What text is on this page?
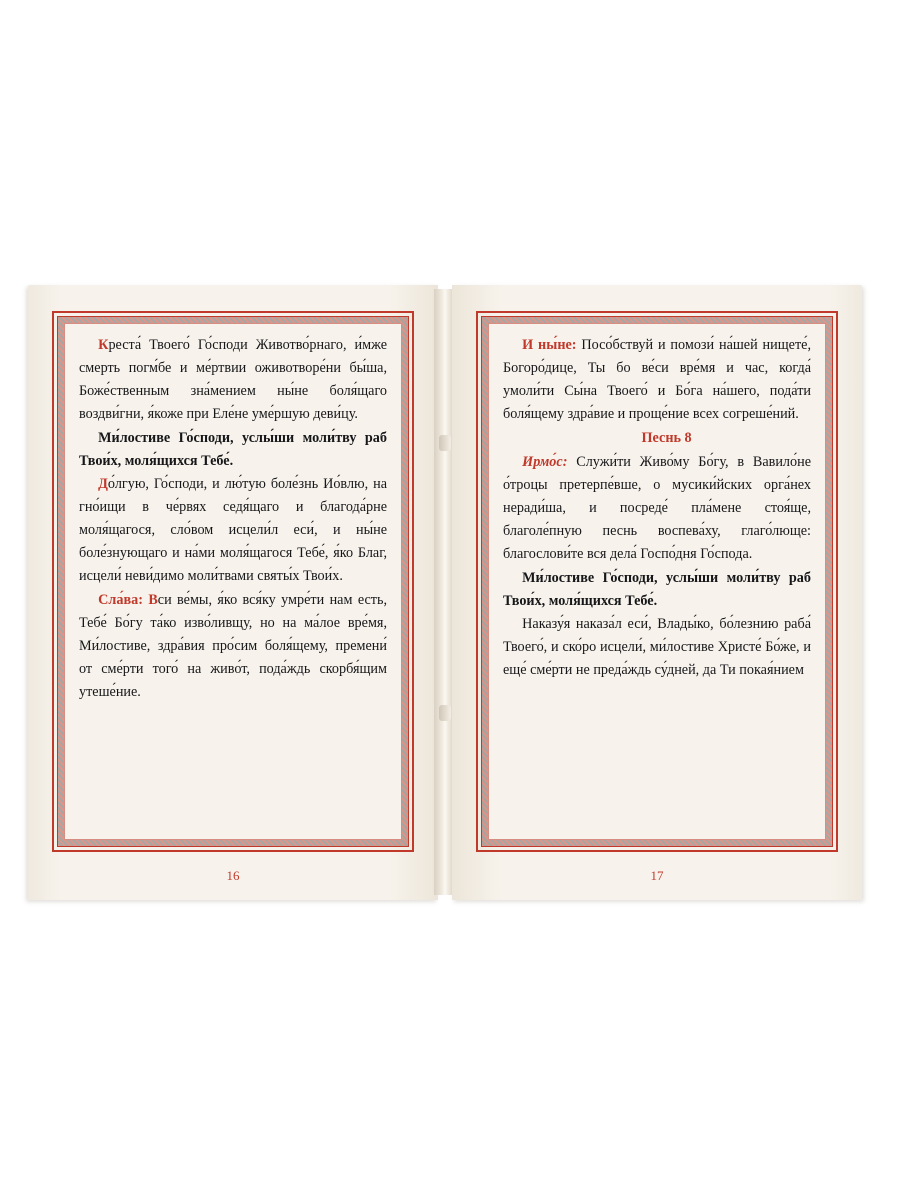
Креста́ Твоего́ Го́споди Животво́рнаго, и́мже смерть погм́бе и ме́ртвии оживотворе́ни бы́ша, Боже́ственным зна́мением ны́не боля́щаго воздви́гни, я́коже при Еле́не уме́ршую деви́цу.

Ми́лостиве Го́споди, услы́ши моли́тву раб Твои́х, моля́щихся Тебе́.

До́лгую, Го́споди, и лю́тую боле́знь Ио́влю, на гно́ищи в че́рвях седя́щаго и благода́рне моля́щагося, сло́вом исцели́л еси́, и ны́не боле́знующаго и на́ми моля́щагося Тебе́, я́ко Благ, исцели́ неви́димо моли́твами святы́х Твои́х.

Сла́ва: Вси ве́мы, я́ко вся́ку умре́ти нам есть, Тебе́ Бо́гу та́ко изво́ливщу, но на ма́лое вре́мя, Ми́лостиве, здра́вия про́сим боля́щему, премени́ от сме́рти того́ на живо́т, пода́ждь скорбя́щим утеше́ние.

16

И ны́не: Посо́бствуй и помози́ на́шей нищете́, Богоро́дице, Ты бо ве́си вре́мя и час, когда́ умоли́ти Сы́на Твоего́ и Бо́га на́шего, пода́ти боля́щему здра́вие и проще́ние всех согреше́ний.

Песнь 8

Ирмо́с: Служи́ти Живо́му Бо́гу, в Вавило́не о́троцы претерпе́вше, о мусики́йских орга́нех неради́ша, и посреде́ пла́мене стоя́ще, благоле́пную песнь воспева́ху, глаго́люще: благослови́те вся дела́ Госпо́дня Го́спода.

Ми́лостиве Го́споди, услы́ши моли́тву раб Твои́х, моля́щихся Тебе́.

Наказу́я наказа́л еси́, Влады́ко, бо́лезнию раба́ Твоего́, и ско́ро исцели́, ми́лостиве Христе́ Бо́же, и еще́ сме́рти не преда́ждь су́дней, да Ти покая́нием

17
